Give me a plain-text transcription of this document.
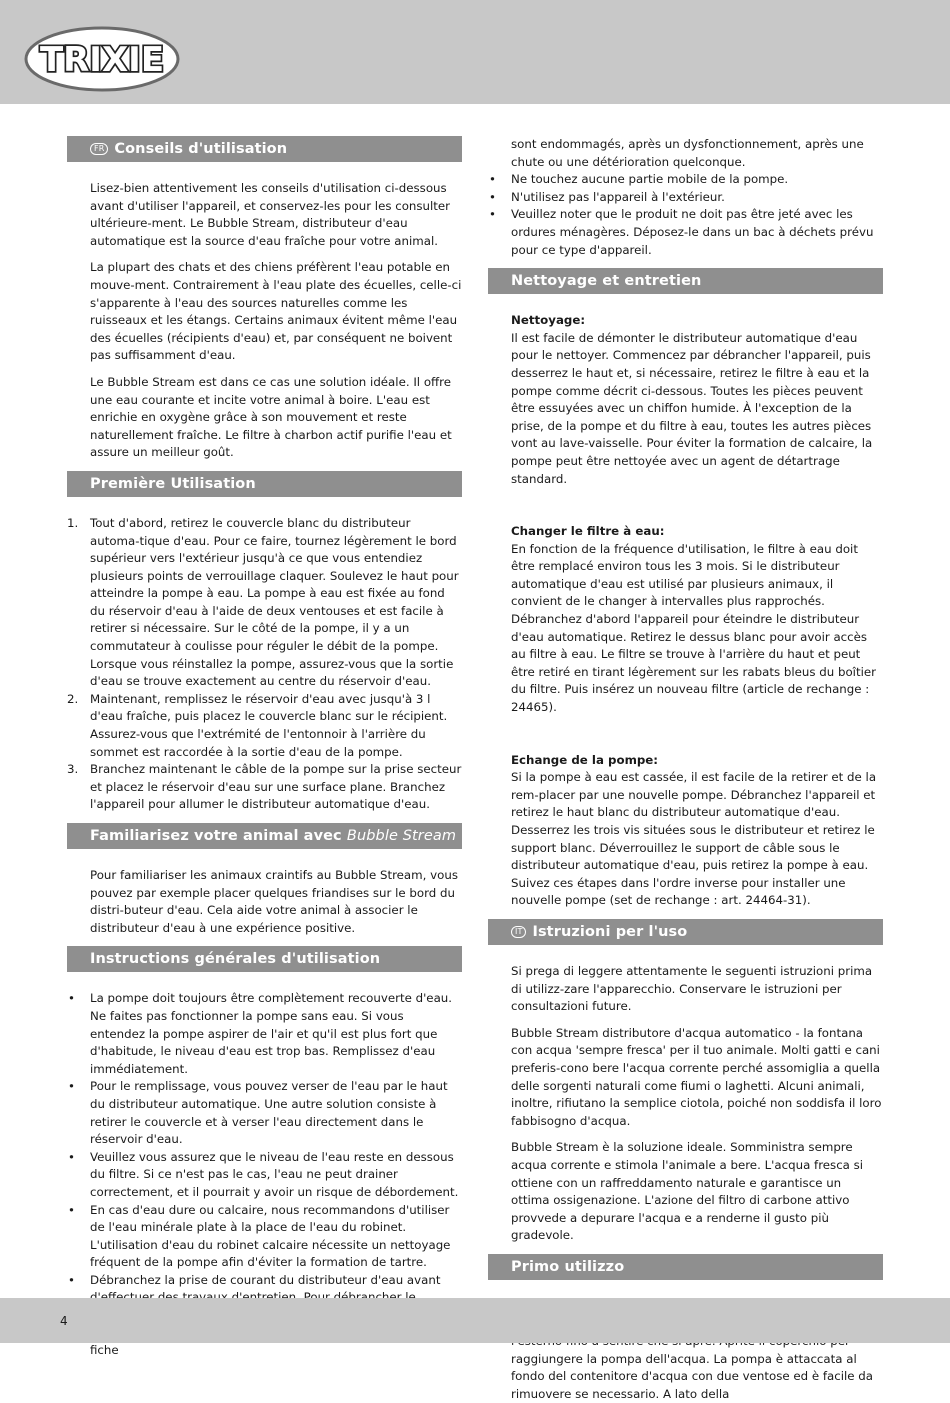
TRIXIE
FR Conseils d'utilisation

Lisez-bien attentivement les conseils d'utilisation ci-dessous avant d'utiliser l'appareil, et conservez-les pour les consulter ultérieure-ment. Le Bubble Stream, distributeur d'eau automatique est la source d'eau fraîche pour votre animal.

La plupart des chats et des chiens préfèrent l'eau potable en mouve-ment. Contrairement à l'eau plate des écuelles, celle-ci s'apparente à l'eau des sources naturelles comme les ruisseaux et les étangs. Certains animaux évitent même l'eau des écuelles (récipients d'eau) et, par conséquent ne boivent pas suffisamment d'eau.

Le Bubble Stream est dans ce cas une solution idéale. Il offre une eau courante et incite votre animal à boire. L'eau est enrichie en oxygène grâce à son mouvement et reste naturellement fraîche. Le filtre à charbon actif purifie l'eau et assure un meilleur goût.

Première Utilisation
1. Tout d'abord, retirez le couvercle blanc du distributeur automa-tique d'eau. Pour ce faire, tournez légèrement le bord supérieur vers l'extérieur jusqu'à ce que vous entendiez plusieurs points de verrouillage claquer. Soulevez le haut pour atteindre la pompe à eau. La pompe à eau est fixée au fond du réservoir d'eau à l'aide de deux ventouses et est facile à retirer si nécessaire. Sur le côté de la pompe, il y a un commutateur à coulisse pour réguler le débit de la pompe. Lorsque vous réinstallez la pompe, assurez-vous que la sortie d'eau se trouve exactement au centre du réservoir d'eau.
2. Maintenant, remplissez le réservoir d'eau avec jusqu'à 3 l d'eau fraîche, puis placez le couvercle blanc sur le récipient. Assurez-vous que l'extrémité de l'entonnoir à l'arrière du sommet est raccordée à la sortie d'eau de la pompe.
3. Branchez maintenant le câble de la pompe sur la prise secteur et placez le réservoir d'eau sur une surface plane. Branchez l'appareil pour allumer le distributeur automatique d'eau.
Familiarisez votre animal avec Bubble Stream

Pour familiariser les animaux craintifs au Bubble Stream, vous pouvez par exemple placer quelques friandises sur le bord du distri-buteur d'eau. Cela aide votre animal à associer le distributeur d'eau à une expérience positive.

Instructions générales d'utilisation
• La pompe doit toujours être complètement recouverte d'eau. Ne faites pas fonctionner la pompe sans eau. Si vous entendez la pompe aspirer de l'air et qu'il est plus fort que d'habitude, le niveau d'eau est trop bas. Remplissez d'eau immédiatement.
• Pour le remplissage, vous pouvez verser de l'eau par le haut du distributeur automatique. Une autre solution consiste à retirer le couvercle et à verser l'eau directement dans le réservoir d'eau.
• Veuillez vous assurez que le niveau de l'eau reste en dessous du filtre. Si ce n'est pas le cas, l'eau ne peut drainer correctement, et il pourrait y avoir un risque de débordement.
• En cas d'eau dure ou calcaire, nous recommandons d'utiliser de l'eau minérale plate à la place de l'eau du robinet. L'utilisation d'eau du robinet calcaire nécessite un nettoyage fréquent de la pompe afin d'éviter la formation de tartre.
• Débranchez la prise de courant du distributeur d'eau avant
fiche

sont endommagés, après un dysfonctionnement, après une chute ou une détérioration quelconque.

• Ne touchez aucune partie mobile de la pompe.
• N'utilisez pas l'appareil à l'extérieur.
• Veuillez noter que le produit ne doit pas être jeté avec les ordures ménagères. Déposez-le dans un bac à déchets prévu pour ce type d'appareil.
Nettoyage et entretien
Nettoyage:

Il est facile de démonter le distributeur automatique d'eau pour le nettoyer. Commencez par débrancher l'appareil, puis desserrez le haut et, si nécessaire, retirez le filtre à eau et la pompe comme décrit ci-dessous. Toutes les pièces peuvent être essuyées avec un chiffon humide. À l'exception de la prise, de la pompe et du filtre à eau, toutes les autres pièces vont au lave-vaisselle. Pour éviter la formation de calcaire, la pompe peut être nettoyée avec un agent de détartrage standard.

Changer le filtre à eau:

En fonction de la fréquence d'utilisation, le filtre à eau doit être remplacé environ tous les 3 mois. Si le distributeur automatique d'eau est utilisé par plusieurs animaux, il convient de le changer à intervalles plus rapprochés.

Débranchez d'abord l'appareil pour éteindre le distributeur d'eau automatique. Retirez le dessus blanc pour avoir accès au filtre à eau. Le filtre se trouve à l'arrière du haut et peut être retiré en tirant légèrement sur les rabats bleus du boîtier du filtre. Puis insérez un nouveau filtre (article de rechange : 24465).

Echange de la pompe:

Si la pompe à eau est cassée, il est facile de la retirer et de la rem-placer par une nouvelle pompe. Débranchez l'appareil et retirez le haut blanc du distributeur automatique d'eau. Desserrez les trois vis situées sous le distributeur et retirez le support blanc. Déverrouillez le support de câble sous le distributeur automatique d'eau, puis retirez la pompe à eau. Suivez ces étapes dans l'ordre inverse pour installer une nouvelle pompe (set de rechange : art. 24464-31).

IT Istruzioni per l'uso

Si prega di leggere attentamente le seguenti istruzioni prima di utilizz-zare l'apparecchio. Conservare le istruzioni per consultazioni future.

Bubble Stream distributore d'acqua automatico - la fontana con acqua 'sempre fresca' per il tuo animale. Molti gatti e cani preferis-cono bere l'acqua corrente perché assomiglia a quella delle sorgenti naturali come fiumi o laghetti. Alcuni animali, inoltre, rifiutano la semplice ciotola, poiché non soddisfa il loro fabbisogno d'acqua.

Bubble Stream è la soluzione ideale. Somministra sempre acqua corrente e stimola l'animale a bere. L'acqua fresca si ottiene con un raffreddamento naturale e garantisce un ottima ossigenazione. L'azione del filtro di carbone attivo provvede a depurare l'acqua e a renderne il gusto più gradevole.

Primo utilizzo
raggiungere la pompa dell'acqua. La pompa è attaccata al fondo del contenitore d'acqua con due ventose ed è facile da rimuovere se necessario. A lato della
4
